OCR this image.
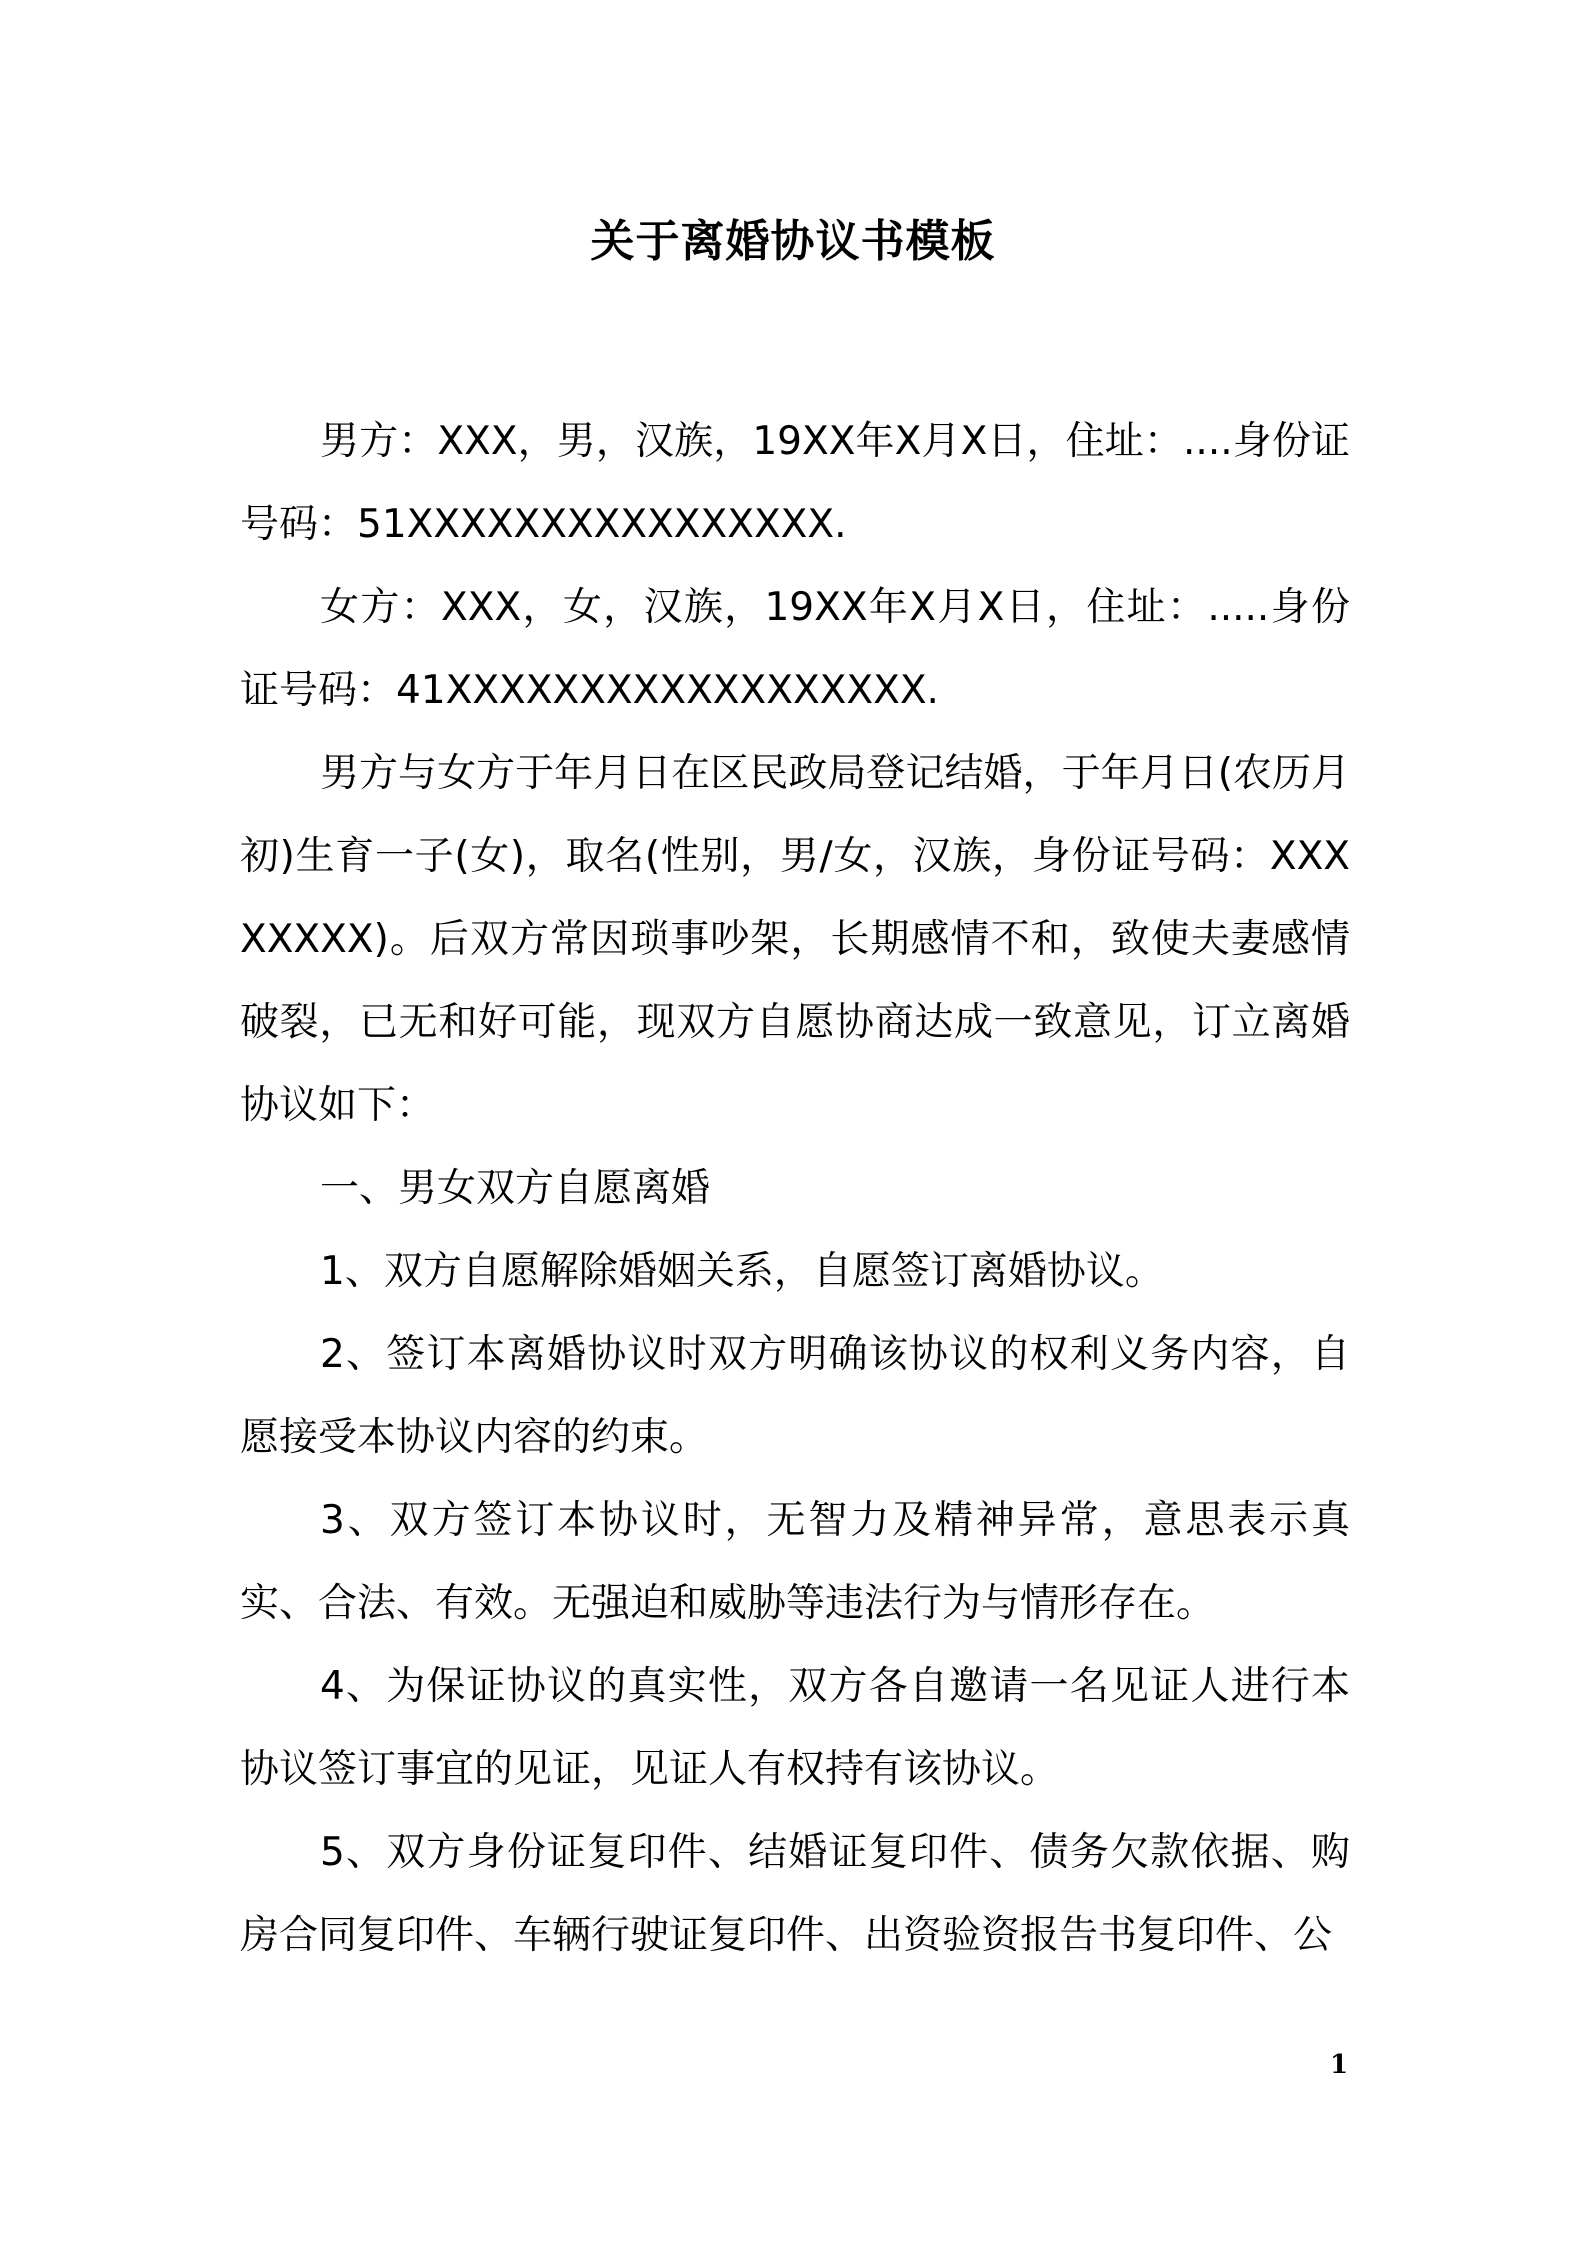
关于离婚协议书模板

男方：XXX，男，汉族，19XX年X月X日，住址：....身份证号码：51XXXXXXXXXXXXXXXX.

女方：XXX，女，汉族，19XX年X月X日，住址：.....身份证号码：41XXXXXXXXXXXXXXXXXX.

男方与女方于年月日在区民政局登记结婚，于年月日(农历月初)生育一子(女)，取名(性别，男/女，汉族，身份证号码：XXXXXXXX)。后双方常因琐事吵架，长期感情不和，致使夫妻感情破裂，已无和好可能，现双方自愿协商达成一致意见，订立离婚协议如下：

一、男女双方自愿离婚

1、双方自愿解除婚姻关系，自愿签订离婚协议。

2、签订本离婚协议时双方明确该协议的权利义务内容，自愿接受本协议内容的约束。

3、双方签订本协议时，无智力及精神异常，意思表示真实、合法、有效。无强迫和威胁等违法行为与情形存在。

4、为保证协议的真实性，双方各自邀请一名见证人进行本协议签订事宜的见证，见证人有权持有该协议。

5、双方身份证复印件、结婚证复印件、债务欠款依据、购房合同复印件、车辆行驶证复印件、出资验资报告书复印件、公

1
